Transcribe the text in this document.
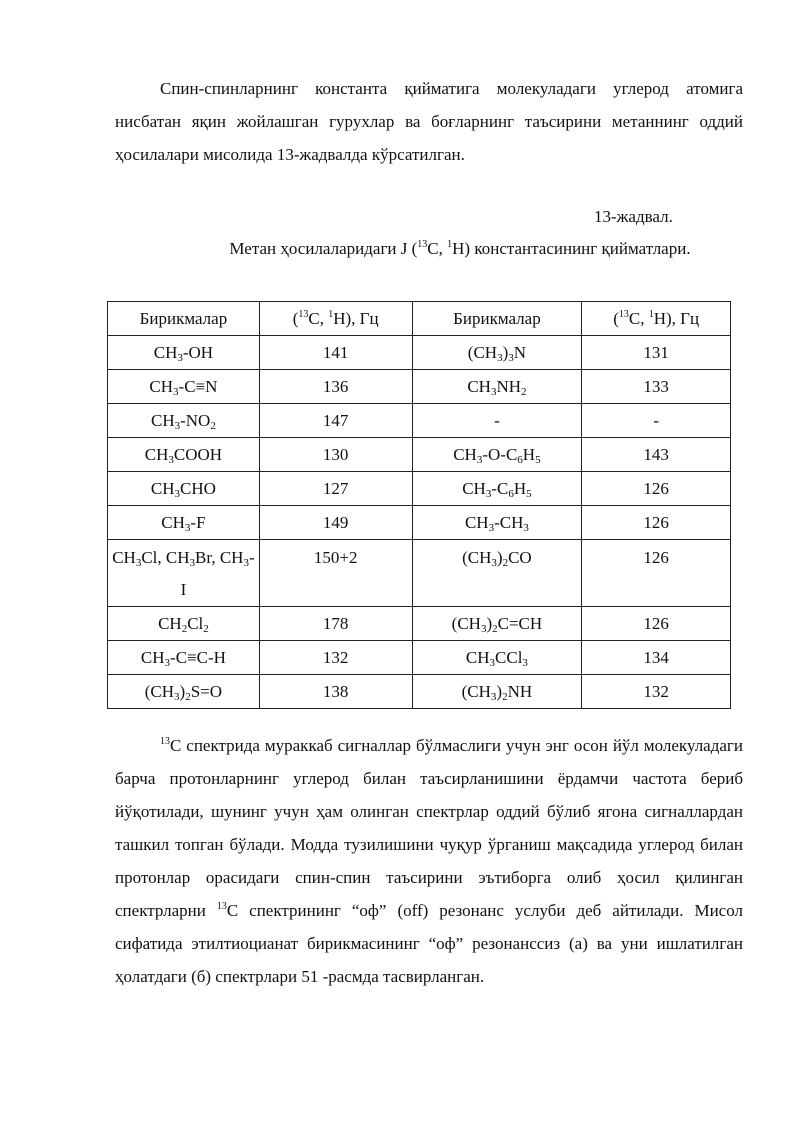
Спин-спинларнинг константа қийматига молекуладаги углерод атомига нисбатан яқин жойлашган гурухлар ва боғларнинг таъсирини метаннинг оддий ҳосилалари мисолида 13-жадвалда кўрсатилган.

13-жадвал.
Метан ҳосилаларидаги J ($^{13}$C, $^1$H) константасининг қийматлари.
Бирикмалар	($^{13}$C, $^1$H), Гц	Бирикмалар	($^{13}$C, $^1$H), Гц
$CH_3-OH$	141	$(CH_3)_3N$	131
$CH_3-C\equiv N$	136	$CH_3NH_2$	133
$CH_3-NO_2$	147	-	-
$CH_3COOH$	130	$CH_3-O-C_6H_5$	143
$CH_3CHO$	127	$CH_3-C_6H_5$	126
$CH_3-F$	149	$CH_3-CH_3$	126
$CH_3Cl$, $CH_3Br$, $CH_3-I$	150+2	$(CH_3)_2CO$	126
$CH_2Cl_2$	178	$(CH_3)_2C=CH$	126
$CH_3-C\equiv C-H$	132	$CH_3CCl_3$	134
$(CH_3)_2S=O$	138	$(CH_3)_2NH$	132

$^{13}$C спектрида мураккаб сигналлар бўлмаслиги учун энг осон йўл молекуладаги барча протонларнинг углерод билан таъсирланишини ёрдамчи частота бериб йўқотилади, шунинг учун ҳам олинган спектрлар оддий бўлиб ягона сигналлардан ташкил топган бўлади. Модда тузилишини чуқур ўрганиш мақсадида углерод билан протонлар орасидаги спин-спин таъсирини эътиборга олиб ҳосил қилинган спектрларни $^{13}$C спектрининг “оф” (off) резонанс услуби деб айтилади. Мисол сифатида этилтиоцианат бирикмасининг “оф” резонанссиз (а) ва уни ишлатилган ҳолатдаги (б) спектрлари 51 -расмда тасвирланган.
